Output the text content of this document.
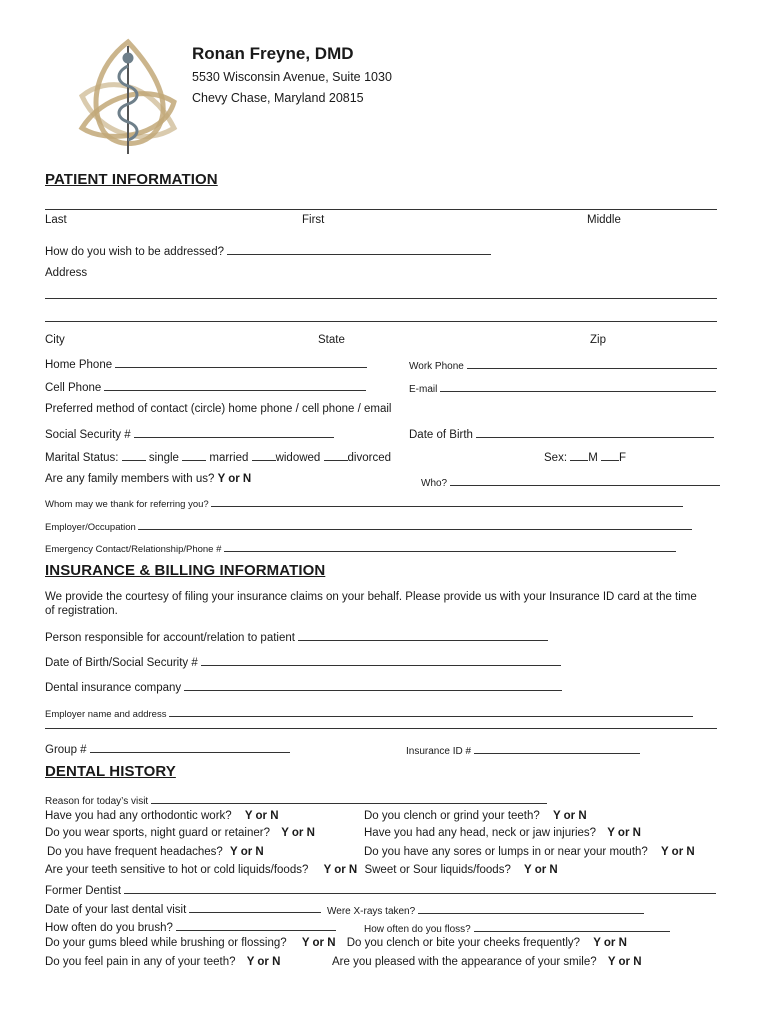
Ronan Freyne, DMD
5530 Wisconsin Avenue, Suite 1030
Chevy Chase, Maryland 20815
PATIENT INFORMATION
Last	First	Middle
How do you wish to be addressed?
Address
City	State	Zip
Home Phone	Work Phone
Cell Phone	E-mail
Preferred method of contact (circle) home phone / cell phone / email
Social Security #	Date of Birth
Marital Status:	single	married widowed divorced	Sex: M F
Are any family members with us? Y or N	Who?
Whom may we thank for referring you?
Employer/Occupation
Emergency Contact/Relationship/Phone #
INSURANCE & BILLING INFORMATION
We provide the courtesy of filing your insurance claims on your behalf. Please provide us with your Insurance ID card at the time
of registration.
Person responsible for account/relation to patient
Date of Birth/Social Security #
Dental insurance company
Employer name and address
Group #	Insurance ID #
DENTAL HISTORY
Reason for today’s visit
Have you had any orthodontic work? Y or N	Do you clench or grind your teeth? Y or N
Do you wear sports, night guard or retainer? Y or N	Have you had any head, neck or jaw injuries? Y or N
Do you have frequent headaches? Y or N	Do you have any sores or lumps in or near your mouth? Y or N
Are your teeth sensitive to hot or cold liquids/foods? Y or N Sweet or Sour liquids/foods? Y or N
Former Dentist
Date of your last dental visit	Were X-rays taken?
How often do you brush?	How often do you floss?
Do your gums bleed while brushing or flossing? Y or N Do you clench or bite your cheeks frequently? Y or N
Do you feel pain in any of your teeth? Y or N	Are you pleased with the appearance of your smile? Y or N
